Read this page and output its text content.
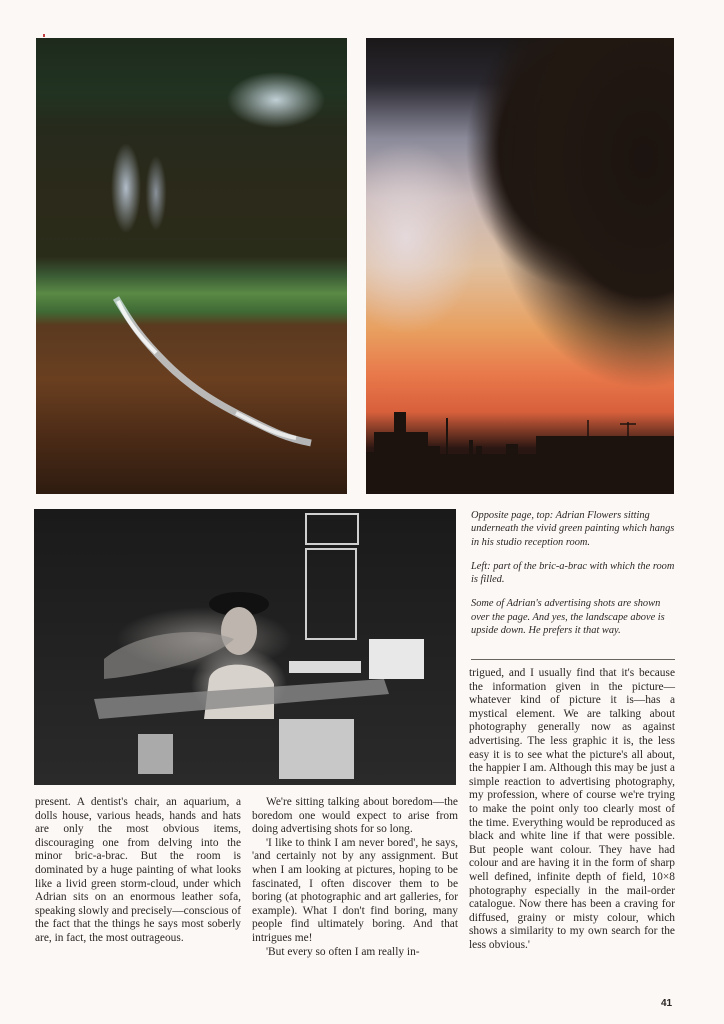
Opposite page, top: Adrian Flowers sitting underneath the vivid green painting which hangs in his studio reception room.

Left: part of the bric-a-brac with which the room is filled.

Some of Adrian's advertising shots are shown over the page. And yes, the landscape above is upside down. He prefers it that way.

present. A dentist's chair, an aquarium, a dolls house, various heads, hands and hats are only the most obvious items, discouraging one from delving into the minor bric-a-brac. But the room is dominated by a huge painting of what looks like a livid green storm-cloud, under which Adrian sits on an enormous leather sofa, speaking slowly and precisely—conscious of the fact that the things he says most soberly are, in fact, the most outrageous.

We're sitting talking about boredom—the boredom one would expect to arise from doing advertising shots for so long.

'I like to think I am never bored', he says, 'and certainly not by any assignment. But when I am looking at pictures, hoping to be fascinated, I often discover them to be boring (at photographic and art galleries, for example). What I don't find boring, many people find ultimately boring. And that intrigues me!

'But every so often I am really in-

trigued, and I usually find that it's because the information given in the picture—whatever kind of picture it is—has a mystical element. We are talking about photography generally now as against advertising. The less graphic it is, the less easy it is to see what the picture's all about, the happier I am. Although this may be just a simple reaction to advertising photography, my profession, where of course we're trying to make the point only too clearly most of the time. Everything would be reproduced as black and white line if that were possible. But people want colour. They have had colour and are having it in the form of sharp well defined, infinite depth of field, 10×8 photography especially in the mail-order catalogue. Now there has been a craving for diffused, grainy or misty colour, which shows a similarity to my own search for the less obvious.'

41
